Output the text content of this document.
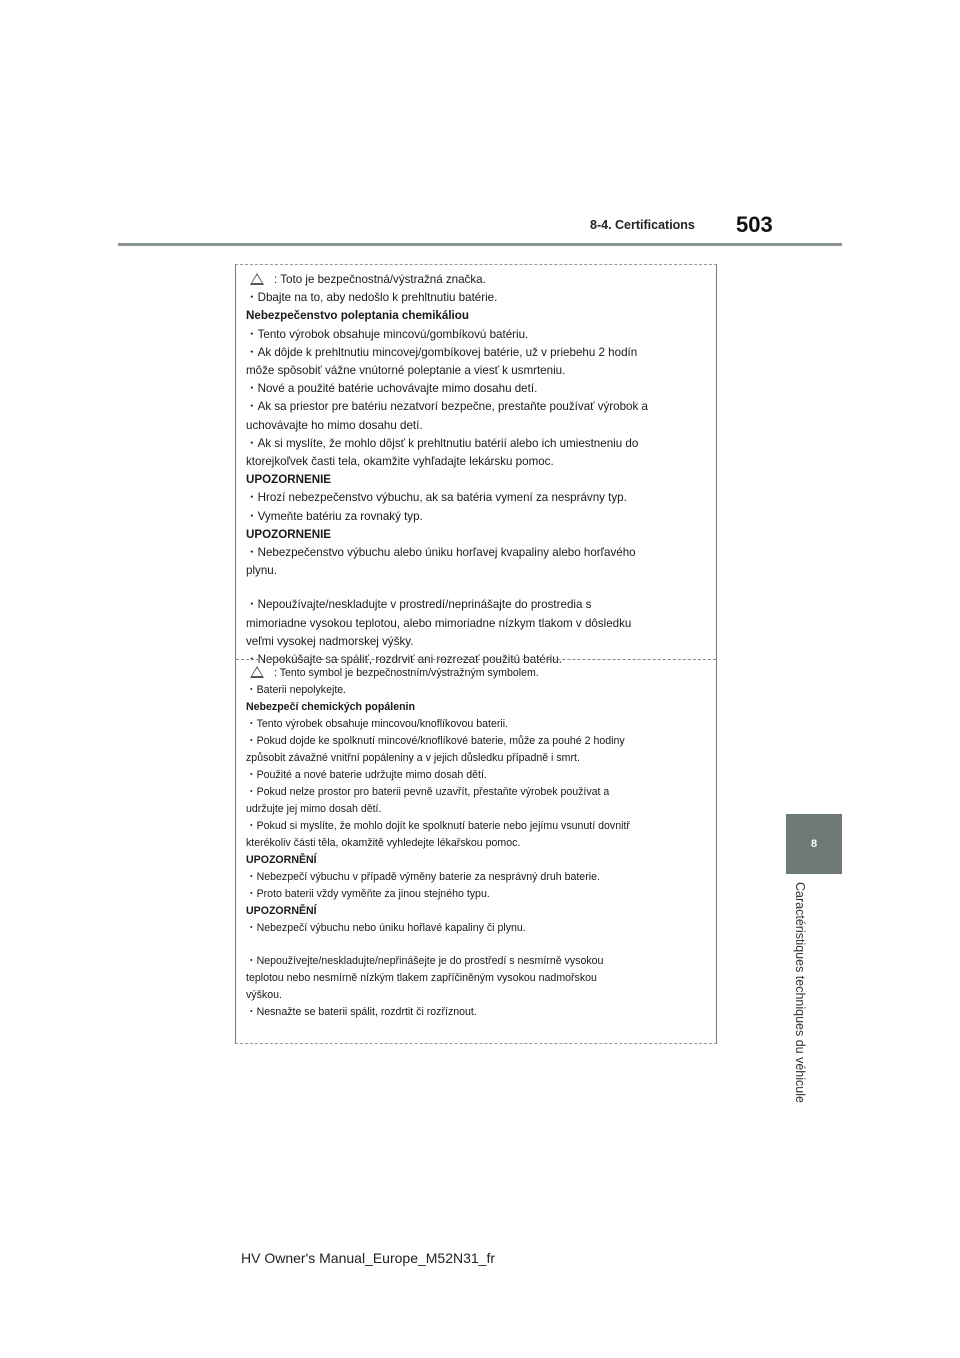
8-4. Certifications 503
8
Caractéristiques techniques du véhicule
: Toto je bezpečnostná/výstražná značka.
・Dbajte na to, aby nedošlo k prehltnutiu batérie.
Nebezpečenstvo poleptania chemikáliou
・Tento výrobok obsahuje mincovú/gombíkovú batériu.
・Ak dôjde k prehltnutiu mincovej/gombíkovej batérie, už v priebehu 2 hodín
môže spôsobiť vážne vnútorné poleptanie a viesť k usmrteniu.
・Nové a použité batérie uchovávajte mimo dosahu detí.
・Ak sa priestor pre batériu nezatvorí bezpečne, prestaňte používať výrobok a
uchovávajte ho mimo dosahu detí.
・Ak si myslíte, že mohlo dôjsť k prehltnutiu batérií alebo ich umiestneniu do
ktorejkoľvek časti tela, okamžite vyhľadajte lekársku pomoc.
UPOZORNENIE
・Hrozí nebezpečenstvo výbuchu, ak sa batéria vymení za nesprávny typ.
・Vymeňte batériu za rovnaký typ.
UPOZORNENIE
・Nebezpečenstvo výbuchu alebo úniku horľavej kvapaliny alebo horľavého
plynu.
・Nepoužívajte/neskladujte v prostredí/neprinášajte do prostredia s
mimoriadne vysokou teplotou, alebo mimoriadne nízkym tlakom v dôsledku
veľmi vysokej nadmorskej výšky.
・Nepokúšajte sa spáliť, rozdrviť ani rozrezať použitú batériu.
: Tento symbol je bezpečnostním/výstražným symbolem.
・Baterii nepolykejte.
Nebezpečí chemických popálenin
・Tento výrobek obsahuje mincovou/knoflíkovou baterii.
・Pokud dojde ke spolknutí mincové/knoflíkové baterie, může za pouhé 2 hodiny
způsobit závažné vnitřní popáleniny a v jejich důsledku případně i smrt.
・Použité a nové baterie udržujte mimo dosah dětí.
・Pokud nelze prostor pro baterii pevně uzavřít, přestaňte výrobek používat a
udržujte jej mimo dosah dětí.
・Pokud si myslíte, že mohlo dojít ke spolknutí baterie nebo jejímu vsunutí dovnitř
kterékoliv části těla, okamžitě vyhledejte lékařskou pomoc.
UPOZORNĚNÍ
・Nebezpečí výbuchu v případě výměny baterie za nesprávný druh baterie.
・Proto baterii vždy vyměňte za jinou stejného typu.
UPOZORNĚNÍ
・Nebezpečí výbuchu nebo úniku hořlavé kapaliny či plynu.
・Nepoužívejte/neskladujte/nepřinášejte je do prostředí s nesmírně vysokou
teplotou nebo nesmírně nízkým tlakem zapříčiněným vysokou nadmořskou
výškou.
・Nesnažte se baterii spálit, rozdrtit či rozříznout.
HV Owner's Manual_Europe_M52N31_fr
